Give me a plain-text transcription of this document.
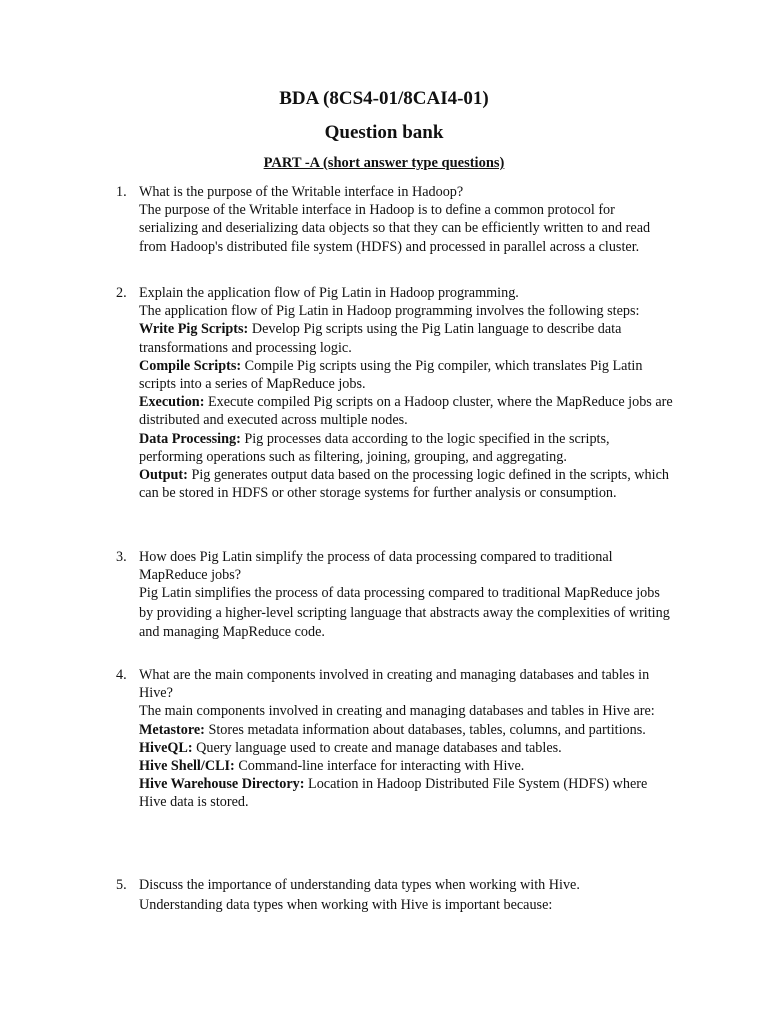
BDA (8CS4-01/8CAI4-01)
Question bank
PART -A (short answer type questions)
1. What is the purpose of the Writable interface in Hadoop?

The purpose of the Writable interface in Hadoop is to define a common protocol for serializing and deserializing data objects so that they can be efficiently written to and read from Hadoop's distributed file system (HDFS) and processed in parallel across a cluster.

2. Explain the application flow of Pig Latin in Hadoop programming.

The application flow of Pig Latin in Hadoop programming involves the following steps:

Write Pig Scripts: Develop Pig scripts using the Pig Latin language to describe data transformations and processing logic.

Compile Scripts: Compile Pig scripts using the Pig compiler, which translates Pig Latin scripts into a series of MapReduce jobs.

Execution: Execute compiled Pig scripts on a Hadoop cluster, where the MapReduce jobs are distributed and executed across multiple nodes.

Data Processing: Pig processes data according to the logic specified in the scripts, performing operations such as filtering, joining, grouping, and aggregating.

Output: Pig generates output data based on the processing logic defined in the scripts, which can be stored in HDFS or other storage systems for further analysis or consumption.

3. How does Pig Latin simplify the process of data processing compared to traditional MapReduce jobs?

Pig Latin simplifies the process of data processing compared to traditional MapReduce jobs by providing a higher-level scripting language that abstracts away the complexities of writing and managing MapReduce code.

4. What are the main components involved in creating and managing databases and tables in Hive?

The main components involved in creating and managing databases and tables in Hive are:

Metastore: Stores metadata information about databases, tables, columns, and partitions.

HiveQL: Query language used to create and manage databases and tables.

Hive Shell/CLI: Command-line interface for interacting with Hive.

Hive Warehouse Directory: Location in Hadoop Distributed File System (HDFS) where Hive data is stored.

5. Discuss the importance of understanding data types when working with Hive.

Understanding data types when working with Hive is important because:
